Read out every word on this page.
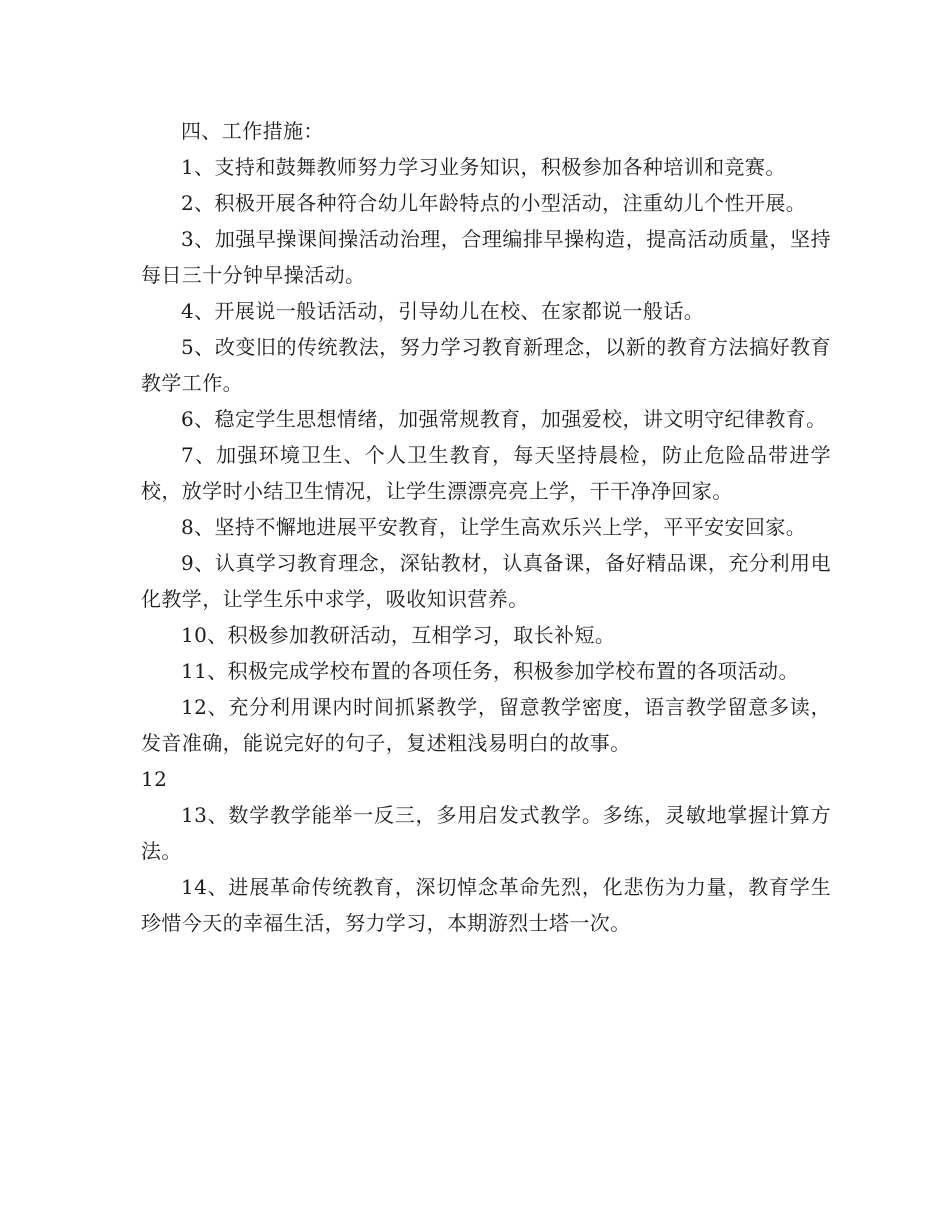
四、工作措施：

1、支持和鼓舞教师努力学习业务知识，积极参加各种培训和竞赛。

2、积极开展各种符合幼儿年龄特点的小型活动，注重幼儿个性开展。

3、加强早操课间操活动治理，合理编排早操构造，提高活动质量，坚持每日三十分钟早操活动。

4、开展说一般话活动，引导幼儿在校、在家都说一般话。

5、改变旧的传统教法，努力学习教育新理念，以新的教育方法搞好教育教学工作。

6、稳定学生思想情绪，加强常规教育，加强爱校，讲文明守纪律教育。

7、加强环境卫生、个人卫生教育，每天坚持晨检，防止危险品带进学校，放学时小结卫生情况，让学生漂漂亮亮上学，干干净净回家。

8、坚持不懈地进展平安教育，让学生高欢乐兴上学，平平安安回家。

9、认真学习教育理念，深钻教材，认真备课，备好精品课，充分利用电化教学，让学生乐中求学，吸收知识营养。

10、积极参加教研活动，互相学习，取长补短。

11、积极完成学校布置的各项任务，积极参加学校布置的各项活动。

12、充分利用课内时间抓紧教学，留意教学密度，语言教学留意多读，发音准确，能说完好的句子，复述粗浅易明白的故事。

12

13、数学教学能举一反三，多用启发式教学。多练，灵敏地掌握计算方法。

14、进展革命传统教育，深切悼念革命先烈，化悲伤为力量，教育学生珍惜今天的幸福生活，努力学习，本期游烈士塔一次。
